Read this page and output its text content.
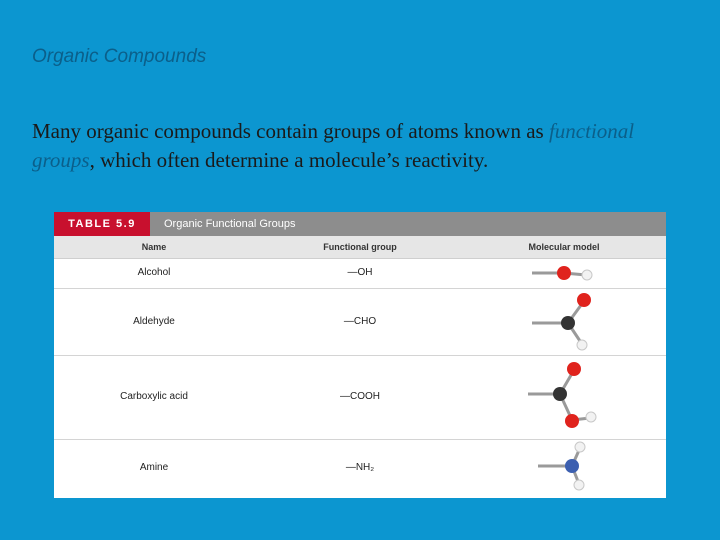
Organic Compounds
Many organic compounds contain groups of atoms known as functional groups, which often determine a molecule’s reactivity.
TABLE 5.9	Organic Functional Groups
Name	Functional group	Molecular model
Alcohol	—OH
Aldehyde	—CHO
Carboxylic acid	—COOH
Amine	—NH₂
